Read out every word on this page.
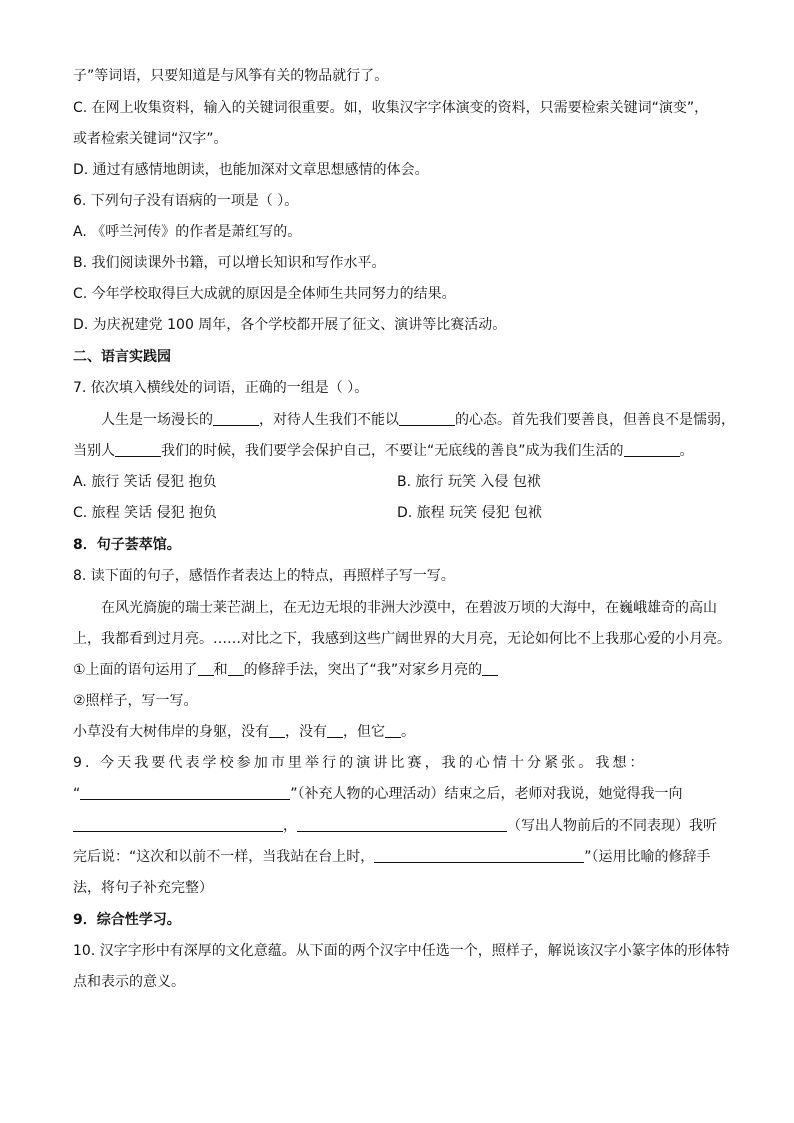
子”等词语，只要知道是与风筝有关的物品就行了。
C. 在网上收集资料，输入的关键词很重要。如，收集汉字字体演变的资料，只需要检索关键词“演变”，
或者检索关键词“汉字”。
D. 通过有感情地朗读，也能加深对文章思想感情的体会。
6. 下列句子没有语病的一项是（ ）。
A. 《呼兰河传》的作者是萧红写的。
B. 我们阅读课外书籍，可以增长知识和写作水平。
C. 今年学校取得巨大成就的原因是全体师生共同努力的结果。
D. 为庆祝建党 100 周年，各个学校都开展了征文、演讲等比赛活动。
二、语言实践园
7. 依次填入横线处的词语，正确的一组是（ ）。
人生是一场漫长的	，对待人生我们不能以	的心态。首先我们要善良，但善良不是懦弱，
当别人	我们的时候，我们要学会保护自己，不要让“无底线的善良”成为我们生活的	。
A. 旅行 笑话 侵犯 抱负	B. 旅行 玩笑 入侵 包袱
C. 旅程 笑话 侵犯 抱负	D. 旅程 玩笑 侵犯 包袱
8．句子荟萃馆。
8. 读下面的句子，感悟作者表达上的特点，再照样子写一写。
在风光旖旎的瑞士莱芒湖上，在无边无垠的非洲大沙漠中，在碧波万顷的大海中，在巍峨雄奇的高山
上，我都看到过月亮。……对比之下，我感到这些广阔世界的大月亮，无论如何比不上我那心爱的小月亮。
①上面的语句运用了 和 的修辞手法，突出了“我”对家乡月亮的
②照样子，写一写。
小草没有大树伟岸的身躯，没有 ，没有 ，但它 。
9. 今天我要代表学校参加市里举行的演讲比赛，我的心情十分紧张。我想：
“	”（补充人物的心理活动）结束之后，老师对我说，她觉得我一向
，	（写出人物前后的不同表现）我听
完后说：“这次和以前不一样，当我站在台上时，	”（运用比喻的修辞手
法，将句子补充完整）
9．综合性学习。
10. 汉字字形中有深厚的文化意蕴。从下面的两个汉字中任选一个，照样子，解说该汉字小篆字体的形体特
点和表示的意义。
